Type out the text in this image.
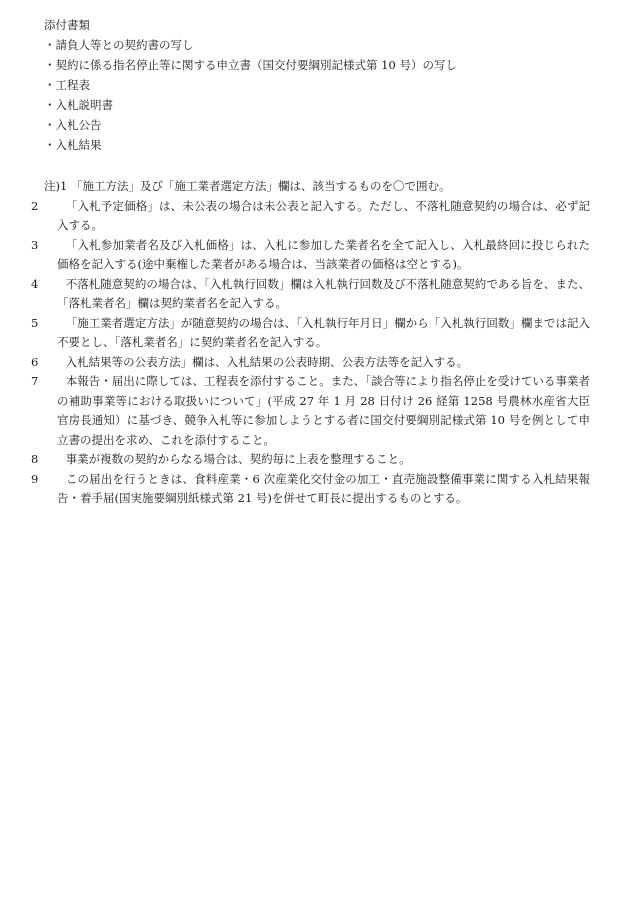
添付書類
・請負人等との契約書の写し
・契約に係る指名停止等に関する申立書（国交付要綱別記様式第 10 号）の写し
・工程表
・入札説明書
・入札公告
・入札結果
注)1 「施工方法」及び「施工業者選定方法」欄は、該当するものを〇で囲む。
2 「入札予定価格」は、未公表の場合は未公表と記入する。ただし、不落札随意契約の場合は、必ず記入する。
3 「入札参加業者名及び入札価格」は、入札に参加した業者名を全て記入し、入札最終回に投じられた価格を記入する(途中棄権した業者がある場合は、当該業者の価格は空とする)。
4 不落札随意契約の場合は、「入札執行回数」欄は入札執行回数及び不落札随意契約である旨を、また、「落札業者名」欄は契約業者名を記入する。
5 「施工業者選定方法」が随意契約の場合は、「入札執行年月日」欄から「入札執行回数」欄までは記入不要とし、「落札業者名」に契約業者名を記入する。
6 入札結果等の公表方法」欄は、入札結果の公表時期、公表方法等を記入する。
7 本報告・届出に際しては、工程表を添付すること。また、「談合等により指名停止を受けている事業者の補助事業等における取扱いについて」(平成 27 年 1 月 28 日付け 26 経第 1258 号農林水産省大臣官房長通知）に基づき、競争入札等に参加しようとする者に国交付要綱別記様式第 10 号を例として申立書の提出を求め、これを添付すること。
8 事業が複数の契約からなる場合は、契約毎に上表を整理すること。
9 この届出を行うときは、食料産業・6 次産業化交付金の加工・直売施設整備事業に関する入札結果報告・着手届(国実施要綱別紙様式第 21 号)を併せて町長に提出するものとする。
